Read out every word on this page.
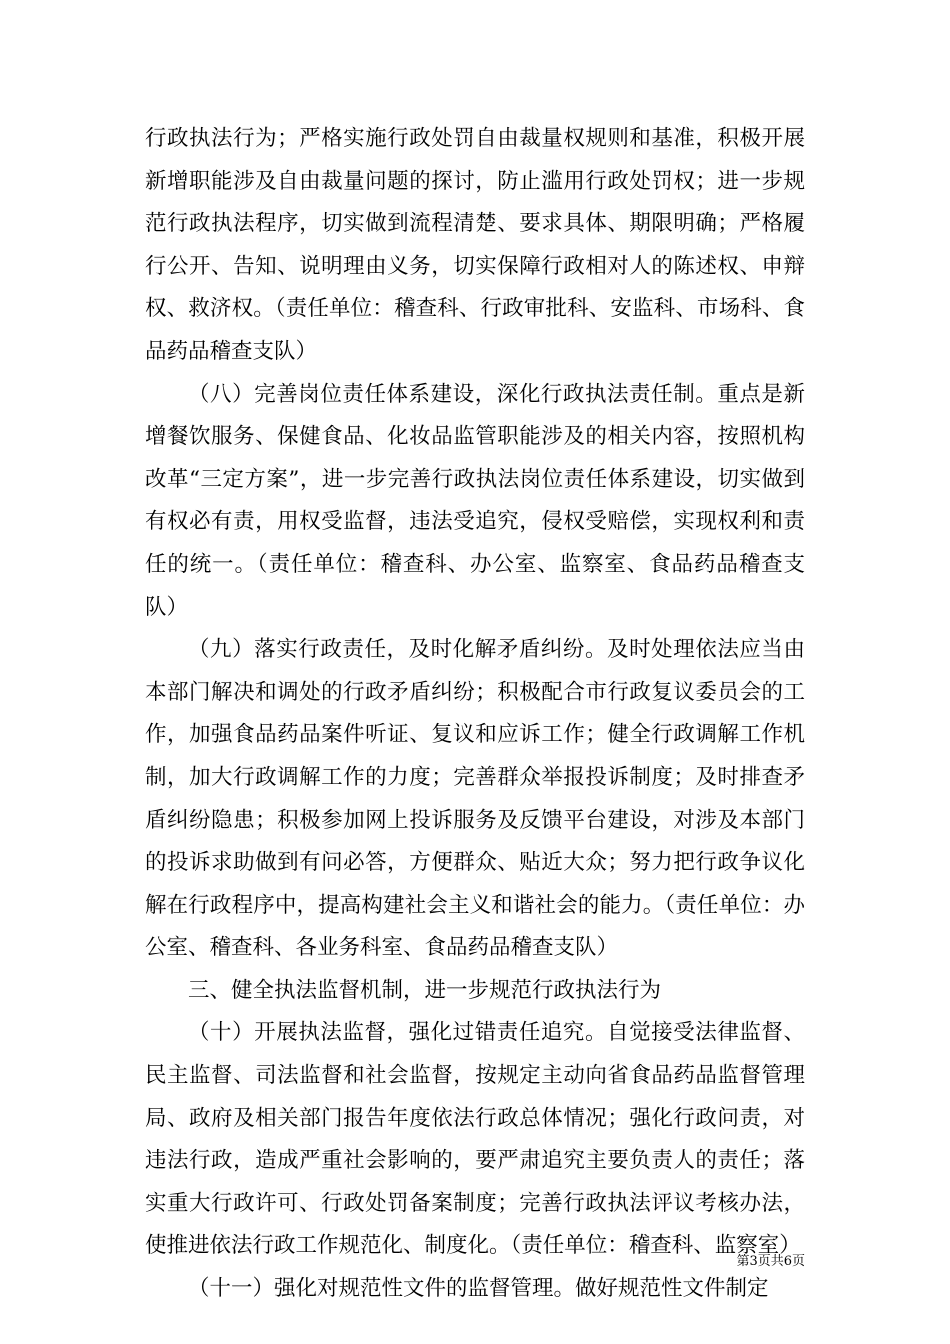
行政执法行为；严格实施行政处罚自由裁量权规则和基准，积极开展新增职能涉及自由裁量问题的探讨，防止滥用行政处罚权；进一步规范行政执法程序，切实做到流程清楚、要求具体、期限明确；严格履行公开、告知、说明理由义务，切实保障行政相对人的陈述权、申辩权、救济权。（责任单位：稽查科、行政审批科、安监科、市场科、食品药品稽查支队）

（八）完善岗位责任体系建设，深化行政执法责任制。重点是新增餐饮服务、保健食品、化妆品监管职能涉及的相关内容，按照机构改革“三定方案”，进一步完善行政执法岗位责任体系建设，切实做到有权必有责，用权受监督，违法受追究，侵权受赔偿，实现权利和责任的统一。（责任单位：稽查科、办公室、监察室、食品药品稽查支队）

（九）落实行政责任，及时化解矛盾纠纷。及时处理依法应当由本部门解决和调处的行政矛盾纠纷；积极配合市行政复议委员会的工作，加强食品药品案件听证、复议和应诉工作；健全行政调解工作机制，加大行政调解工作的力度；完善群众举报投诉制度；及时排查矛盾纠纷隐患；积极参加网上投诉服务及反馈平台建设，对涉及本部门的投诉求助做到有问必答，方便群众、贴近大众；努力把行政争议化解在行政程序中，提高构建社会主义和谐社会的能力。（责任单位：办公室、稽查科、各业务科室、食品药品稽查支队）

三、健全执法监督机制，进一步规范行政执法行为

（十）开展执法监督，强化过错责任追究。自觉接受法律监督、民主监督、司法监督和社会监督，按规定主动向省食品药品监督管理局、政府及相关部门报告年度依法行政总体情况；强化行政问责，对违法行政，造成严重社会影响的，要严肃追究主要负责人的责任；落实重大行政许可、行政处罚备案制度；完善行政执法评议考核办法，使推进依法行政工作规范化、制度化。（责任单位：稽查科、监察室）

（十一）强化对规范性文件的监督管理。做好规范性文件制定

第3页共6页
